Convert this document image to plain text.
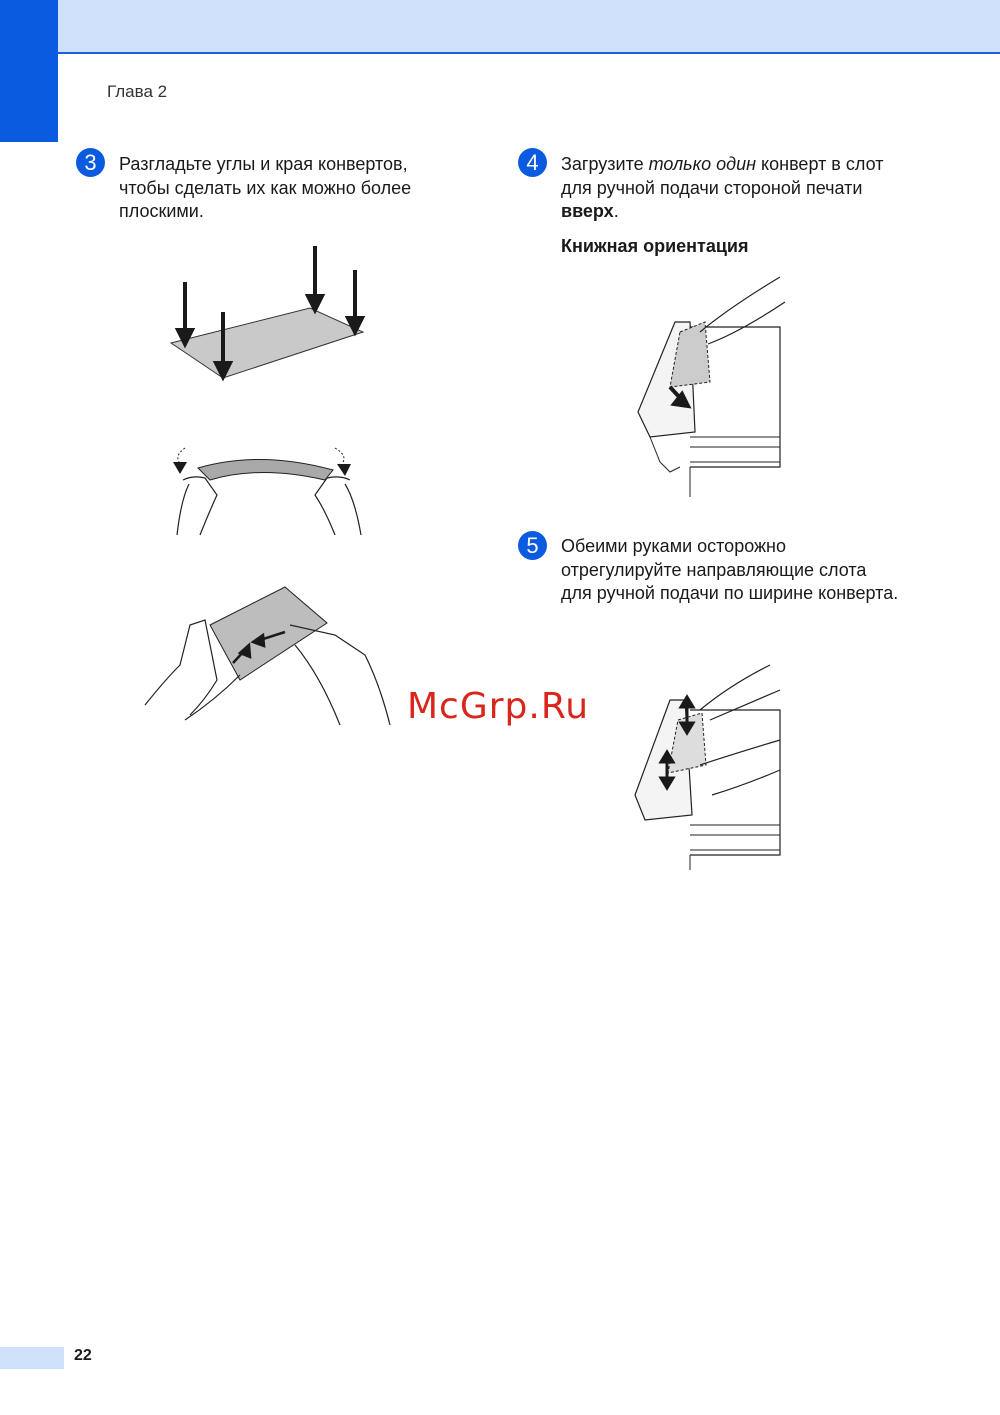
Глава 2
3	Разгладьте углы и края конвертов, чтобы сделать их как можно более плоскими.
4	Загрузите только один конверт в слот для ручной подачи стороной печати вверх.
Книжная ориентация
5	Обеими руками осторожно отрегулируйте направляющие слота для ручной подачи по ширине конверта.
McGrp.Ru
22
